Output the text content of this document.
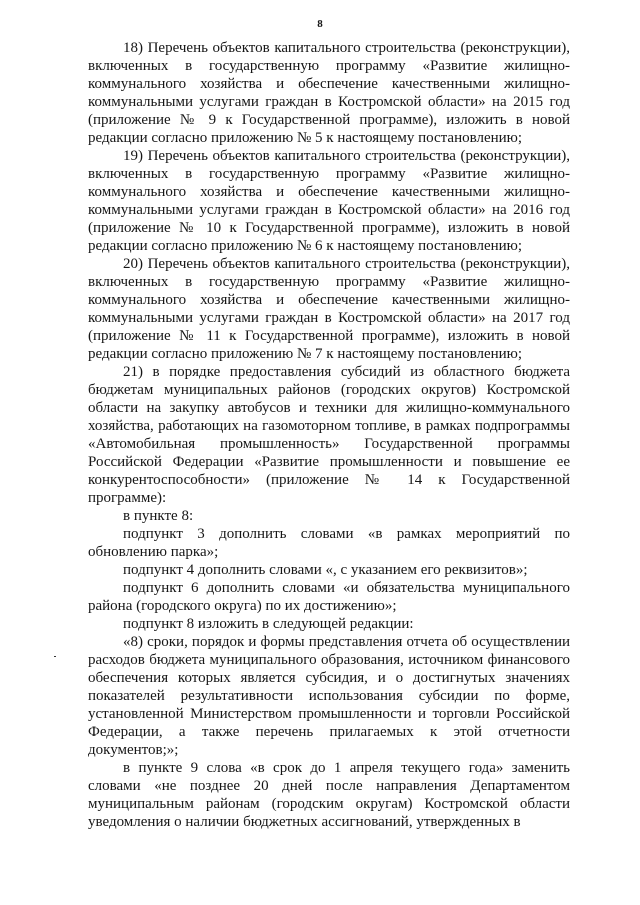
8

18) Перечень объектов капитального строительства (реконструкции), включенных в государственную программу «Развитие жилищно-коммунального хозяйства и обеспечение качественными жилищно-коммунальными услугами граждан в Костромской области» на 2015 год (приложение № 9 к Государственной программе), изложить в новой редакции согласно приложению № 5 к настоящему постановлению;

19) Перечень объектов капитального строительства (реконструкции), включенных в государственную программу «Развитие жилищно-коммунального хозяйства и обеспечение качественными жилищно-коммунальными услугами граждан в Костромской области» на 2016 год (приложение № 10 к Государственной программе), изложить в новой редакции согласно приложению № 6 к настоящему постановлению;

20) Перечень объектов капитального строительства (реконструкции), включенных в государственную программу «Развитие жилищно-коммунального хозяйства и обеспечение качественными жилищно-коммунальными услугами граждан в Костромской области» на 2017 год (приложение № 11 к Государственной программе), изложить в новой редакции согласно приложению № 7 к настоящему постановлению;

21) в порядке предоставления субсидий из областного бюджета бюджетам муниципальных районов (городских округов) Костромской области на закупку автобусов и техники для жилищно-коммунального хозяйства, работающих на газомоторном топливе, в рамках подпрограммы «Автомобильная промышленность» Государственной программы Российской Федерации «Развитие промышленности и повышение ее конкурентоспособности» (приложение № 14 к Государственной программе):

в пункте 8:

подпункт 3 дополнить словами «в рамках мероприятий по обновлению парка»;

подпункт 4 дополнить словами «, с указанием его реквизитов»;

подпункт 6 дополнить словами «и обязательства муниципального района (городского округа) по их достижению»;

подпункт 8 изложить в следующей редакции:

«8) сроки, порядок и формы представления отчета об осуществлении расходов бюджета муниципального образования, источником финансового обеспечения которых является субсидия, и о достигнутых значениях показателей результативности использования субсидии по форме, установленной Министерством промышленности и торговли Российской Федерации, а также перечень прилагаемых к этой отчетности документов;»;

в пункте 9 слова «в срок до 1 апреля текущего года» заменить словами «не позднее 20 дней после направления Департаментом муниципальным районам (городским округам) Костромской области уведомления о наличии бюджетных ассигнований, утвержденных в
